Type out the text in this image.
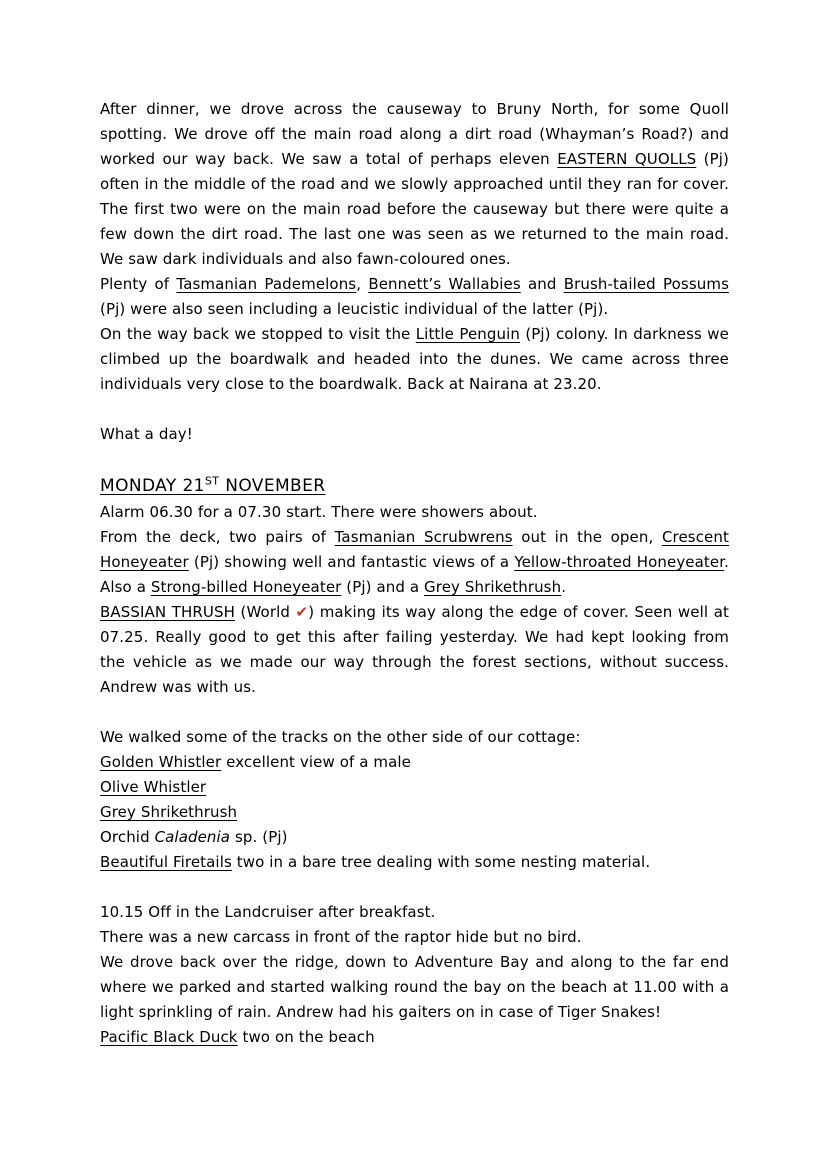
After dinner, we drove across the causeway to Bruny North, for some Quoll spotting. We drove off the main road along a dirt road (Whayman’s Road?) and worked our way back. We saw a total of perhaps eleven EASTERN QUOLLS (Pj) often in the middle of the road and we slowly approached until they ran for cover. The first two were on the main road before the causeway but there were quite a few down the dirt road. The last one was seen as we returned to the main road. We saw dark individuals and also fawn-coloured ones.

Plenty of Tasmanian Pademelons, Bennett’s Wallabies and Brush-tailed Possums (Pj) were also seen including a leucistic individual of the latter (Pj).

On the way back we stopped to visit the Little Penguin (Pj) colony. In darkness we climbed up the boardwalk and headed into the dunes. We came across three individuals very close to the boardwalk. Back at Nairana at 23.20.

What a day!

MONDAY 21ST NOVEMBER

Alarm 06.30 for a 07.30 start. There were showers about.

From the deck, two pairs of Tasmanian Scrubwrens out in the open, Crescent Honeyeater (Pj) showing well and fantastic views of a Yellow-throated Honeyeater. Also a Strong-billed Honeyeater (Pj) and a Grey Shrikethrush.

BASSIAN THRUSH (World ✔) making its way along the edge of cover. Seen well at 07.25. Really good to get this after failing yesterday. We had kept looking from the vehicle as we made our way through the forest sections, without success. Andrew was with us.

We walked some of the tracks on the other side of our cottage:

Golden Whistler excellent view of a male

Olive Whistler

Grey Shrikethrush

Orchid Caladenia sp. (Pj)

Beautiful Firetails two in a bare tree dealing with some nesting material.

10.15 Off in the Landcruiser after breakfast.

There was a new carcass in front of the raptor hide but no bird.

We drove back over the ridge, down to Adventure Bay and along to the far end where we parked and started walking round the bay on the beach at 11.00 with a light sprinkling of rain. Andrew had his gaiters on in case of Tiger Snakes!

Pacific Black Duck two on the beach
